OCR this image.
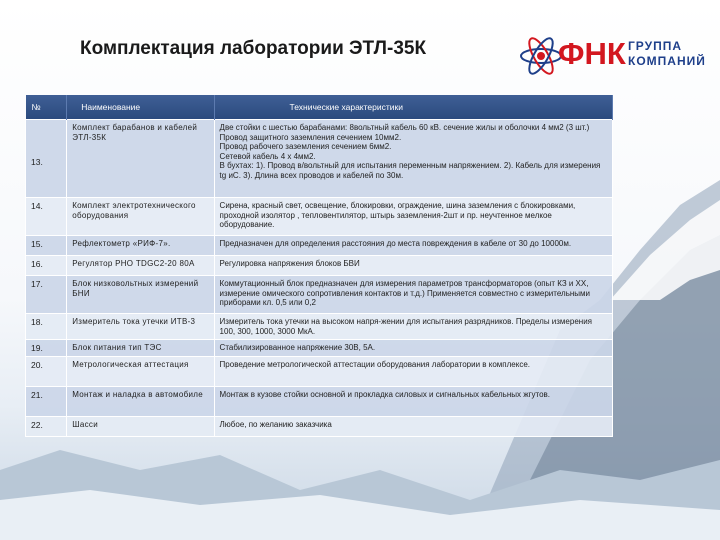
Комплектация лаборатории ЭТЛ-35К	ФНК ГРУППА
КОМПАНИЙ
№	Наименование	Технические характеристики
13.	Комплект барабанов и кабелей ЭТЛ-35К	Две стойки с шестью барабанами: 8вольтный кабель 60 кВ. сечение жилы и оболочки 4 мм2 (3 шт.)
Провод защитного заземления сечением 10мм2.
Провод рабочего заземления сечением 6мм2.
Сетевой кабель 4 х 4мм2.
В бухтах: 1). Провод в/вольтный для испытания переменным напряжением. 2). Кабель для измерения tg иС. 3). Длина всех проводов и кабелей по 30м.
14.	Комплект электротехнического оборудования	Сирена, красный свет, освещение, блокировки, ограждение, шина заземления с блокировками, проходной изолятор , тепловентилятор, штырь заземления-2шт и пр. неучтенное мелкое оборудование.
15.	Рефлектометр «РИФ-7».	Предназначен для определения расстояния до места повреждения в кабеле от 30 до 10000м.
16.	Регулятор РНО TDGC2-20 80А	Регулировка напряжения блоков БВИ
17.	Блок низковольтных измерений БНИ	Коммутационный блок предназначен для измерения параметров трансформаторов (опыт КЗ и ХХ, измерение омического сопротивления контактов и т.д.) Применяется совместно с измерительными приборами кл. 0,5 или 0,2
18.	Измеритель тока утечки ИТВ-3	Измеритель тока утечки на высоком напря-жении для испытания разрядников. Пределы измерения 100, 300, 1000, 3000 МкА.
19.	Блок питания тип ТЭС	Стабилизированное напряжение 30В, 5А.
20.	Метрологическая аттестация	Проведение метрологической аттестации оборудования лаборатории в комплексе.
21.	Монтаж и наладка в автомобиле	Монтаж в кузове стойки основной и прокладка силовых и сигнальных кабельных жгутов.
22.	Шасси	Любое, по желанию заказчика
